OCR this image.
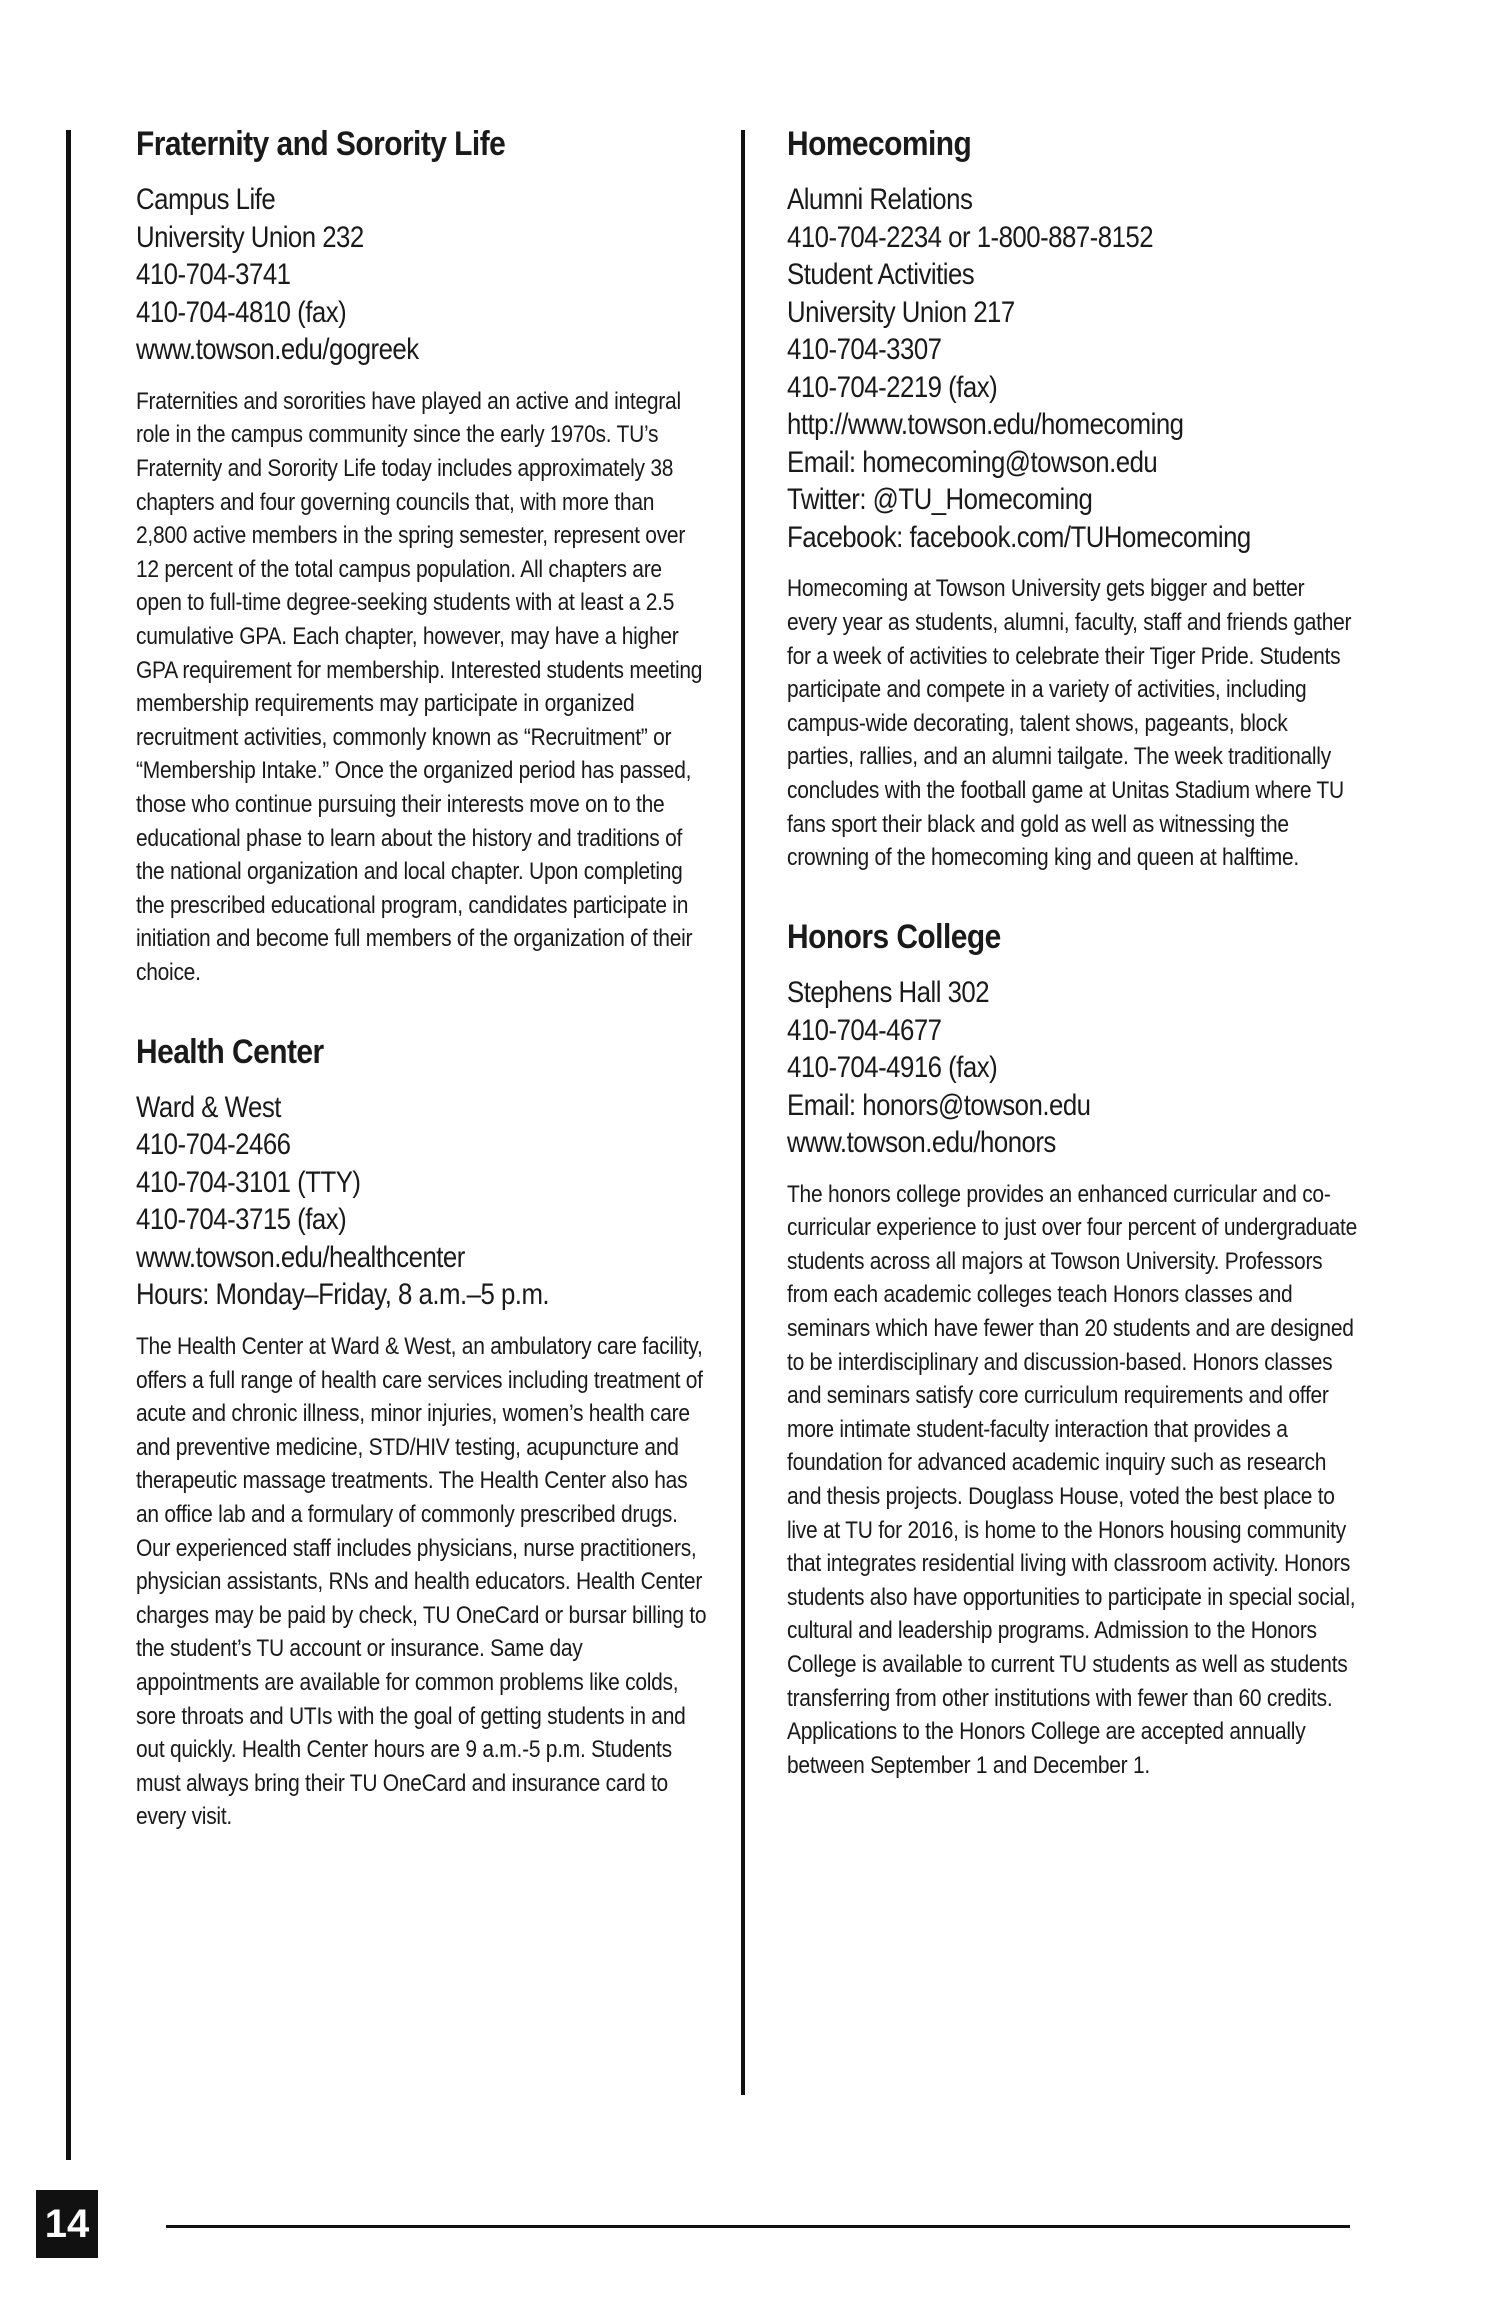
Fraternity and Sorority Life
Campus Life
University Union 232
410-704-3741
410-704-4810 (fax)
www.towson.edu/gogreek

Fraternities and sororities have played an active and integral role in the campus community since the early 1970s. TU’s Fraternity and Sorority Life today includes approximately 38 chapters and four governing councils that, with more than 2,800 active members in the spring semester, represent over 12 percent of the total campus population. All chapters are open to full-time degree-seeking students with at least a 2.5 cumulative GPA. Each chapter, however, may have a higher GPA requirement for membership. Interested students meeting membership requirements may participate in organized recruitment activities, commonly known as “Recruitment” or “Membership Intake.” Once the organized period has passed, those who continue pursuing their interests move on to the educational phase to learn about the history and traditions of the national organization and local chapter. Upon completing the prescribed educational program, candidates participate in initiation and become full members of the organization of their choice.

Health Center
Ward & West
410-704-2466
410-704-3101 (TTY)
410-704-3715 (fax)
www.towson.edu/healthcenter
Hours: Monday–Friday, 8 a.m.–5 p.m.

The Health Center at Ward & West, an ambulatory care facility, offers a full range of health care services including treatment of acute and chronic illness, minor injuries, women’s health care and preventive medicine, STD/HIV testing, acupuncture and therapeutic massage treatments. The Health Center also has an office lab and a formulary of commonly prescribed drugs. Our experienced staff includes physicians, nurse practitioners, physician assistants, RNs and health educators. Health Center charges may be paid by check, TU OneCard or bursar billing to the student’s TU account or insurance. Same day appointments are available for common problems like colds, sore throats and UTIs with the goal of getting students in and out quickly. Health Center hours are 9 a.m.-5 p.m. Students must always bring their TU OneCard and insurance card to every visit.

Homecoming
Alumni Relations
410-704-2234 or 1-800-887-8152
Student Activities
University Union 217
410-704-3307
410-704-2219 (fax)
http://www.towson.edu/homecoming
Email: homecoming@towson.edu
Twitter: @TU_Homecoming
Facebook: facebook.com/TUHomecoming

Homecoming at Towson University gets bigger and better every year as students, alumni, faculty, staff and friends gather for a week of activities to celebrate their Tiger Pride. Students participate and compete in a variety of activities, including campus-wide decorating, talent shows, pageants, block parties, rallies, and an alumni tailgate. The week traditionally concludes with the football game at Unitas Stadium where TU fans sport their black and gold as well as witnessing the crowning of the homecoming king and queen at halftime.

Honors College
Stephens Hall 302
410-704-4677
410-704-4916 (fax)
Email: honors@towson.edu
www.towson.edu/honors

The honors college provides an enhanced curricular and co-curricular experience to just over four percent of undergraduate students across all majors at Towson University. Professors from each academic colleges teach Honors classes and seminars which have fewer than 20 students and are designed to be interdisciplinary and discussion-based. Honors classes and seminars satisfy core curriculum requirements and offer more intimate student-faculty interaction that provides a foundation for advanced academic inquiry such as research and thesis projects. Douglass House, voted the best place to live at TU for 2016, is home to the Honors housing community that integrates residential living with classroom activity. Honors students also have opportunities to participate in special social, cultural and leadership programs. Admission to the Honors College is available to current TU students as well as students transferring from other institutions with fewer than 60 credits. Applications to the Honors College are accepted annually between September 1 and December 1.

14
